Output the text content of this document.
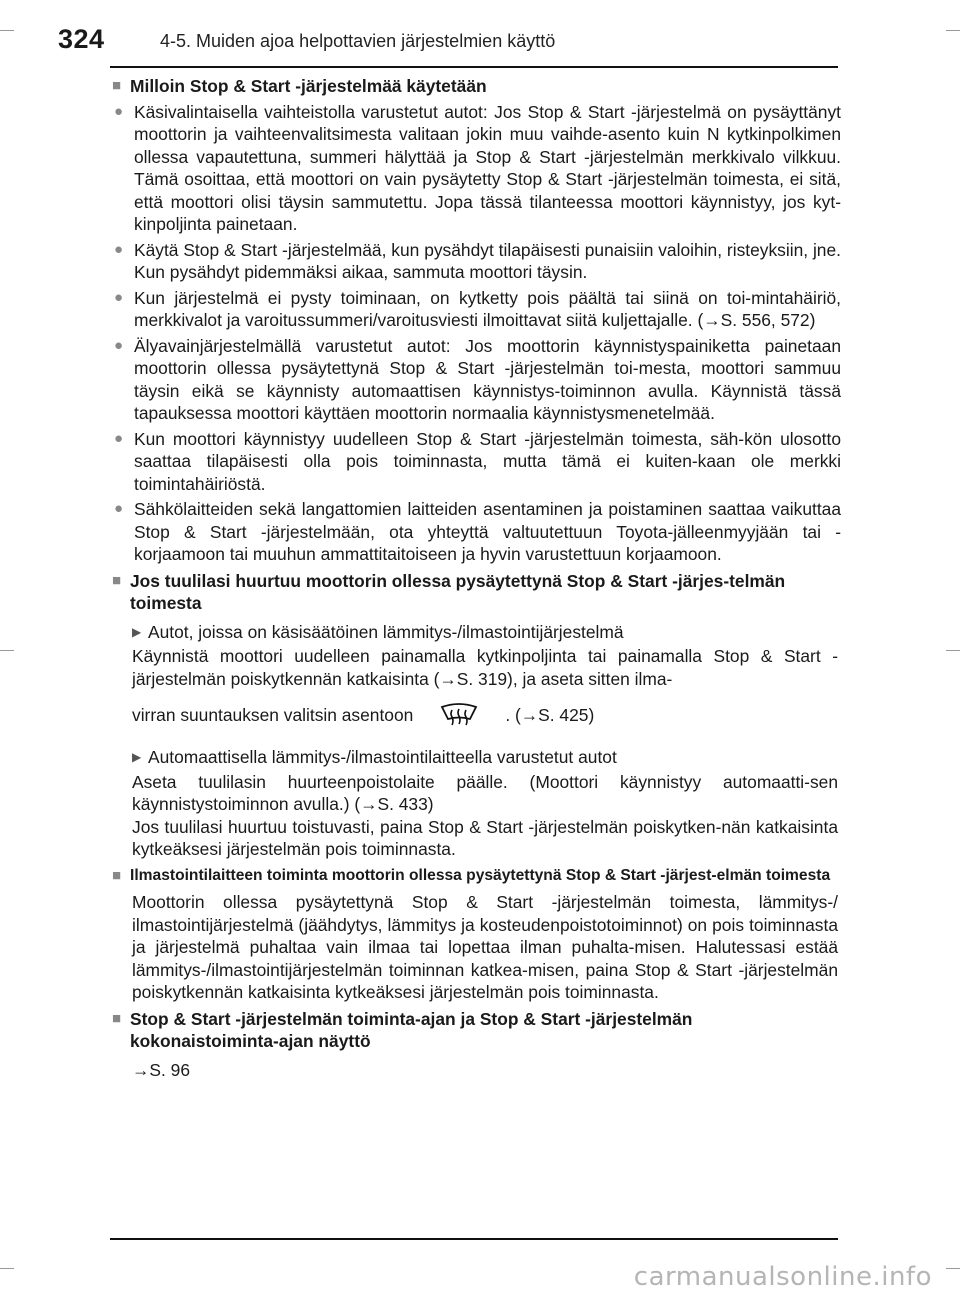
324	4-5. Muiden ajoa helpottavien järjestelmien käyttö
■ Milloin Stop & Start -järjestelmää käytetään
● Käsivalintaisella vaihteistolla varustetut autot: Jos Stop & Start -järjestelmä on pysäyttänyt moottorin ja vaihteenvalitsimesta valitaan jokin muu vaihde-asento kuin N kytkinpolkimen ollessa vapautettuna, summeri hälyttää ja Stop & Start -järjestelmän merkkivalo vilkkuu. Tämä osoittaa, että moottori on vain pysäytetty Stop & Start -järjestelmän toimesta, ei sitä, että moottori olisi täysin sammutettu. Jopa tässä tilanteessa moottori käynnistyy, jos kyt-kinpoljinta painetaan.
● Käytä Stop & Start -järjestelmää, kun pysähdyt tilapäisesti punaisiin valoihin, risteyksiin, jne. Kun pysähdyt pidemmäksi aikaa, sammuta moottori täysin.
● Kun järjestelmä ei pysty toiminaan, on kytketty pois päältä tai siinä on toi-mintahäiriö, merkkivalot ja varoitussummeri/varoitusviesti ilmoittavat siitä kuljettajalle. (→S. 556, 572)
● Älyavainjärjestelmällä varustetut autot: Jos moottorin käynnistyspainiketta painetaan moottorin ollessa pysäytettynä Stop & Start -järjestelmän toi-mesta, moottori sammuu täysin eikä se käynnisty automaattisen käynnistys-toiminnon avulla. Käynnistä tässä tapauksessa moottori käyttäen moottorin normaalia käynnistysmenetelmää.
● Kun moottori käynnistyy uudelleen Stop & Start -järjestelmän toimesta, säh-kön ulosotto saattaa tilapäisesti olla pois toiminnasta, mutta tämä ei kuiten-kaan ole merkki toimintahäiriöstä.
● Sähkölaitteiden sekä langattomien laitteiden asentaminen ja poistaminen saattaa vaikuttaa Stop & Start -järjestelmään, ota yhteyttä valtuutettuun Toyota-jälleenmyyjään tai -korjaamoon tai muuhun ammattitaitoiseen ja hyvin varustettuun korjaamoon.
■ Jos tuulilasi huurtuu moottorin ollessa pysäytettynä Stop & Start -järjes-telmän toimesta
▶ Autot, joissa on käsisäätöinen lämmitys-/ilmastointijärjestelmä
Käynnistä moottori uudelleen painamalla kytkinpoljinta tai painamalla Stop & Start -järjestelmän poiskytkennän katkaisinta (→S. 319), ja aseta sitten ilma-
virran suuntauksen valitsin asentoon	. (→S. 425)
▶ Automaattisella lämmitys-/ilmastointilaitteella varustetut autot
Aseta tuulilasin huurteenpoistolaite päälle. (Moottori käynnistyy automaatti-sen käynnistystoiminnon avulla.) (→S. 433)
Jos tuulilasi huurtuu toistuvasti, paina Stop & Start -järjestelmän poiskytken-nän katkaisinta kytkeäksesi järjestelmän pois toiminnasta.
■ Ilmastointilaitteen toiminta moottorin ollessa pysäytettynä Stop & Start -järjest-elmän toimesta
Moottorin ollessa pysäytettynä Stop & Start -järjestelmän toimesta, lämmitys-/ ilmastointijärjestelmä (jäähdytys, lämmitys ja kosteudenpoistotoiminnot) on pois toiminnasta ja järjestelmä puhaltaa vain ilmaa tai lopettaa ilman puhalta-misen. Halutessasi estää lämmitys-/ilmastointijärjestelmän toiminnan katkea-misen, paina Stop & Start -järjestelmän poiskytkennän katkaisinta kytkeäksesi järjestelmän pois toiminnasta.
■ Stop & Start -järjestelmän toiminta-ajan ja Stop & Start -järjestelmän kokonaistoiminta-ajan näyttö
→S. 96
carmanualsonline.info
